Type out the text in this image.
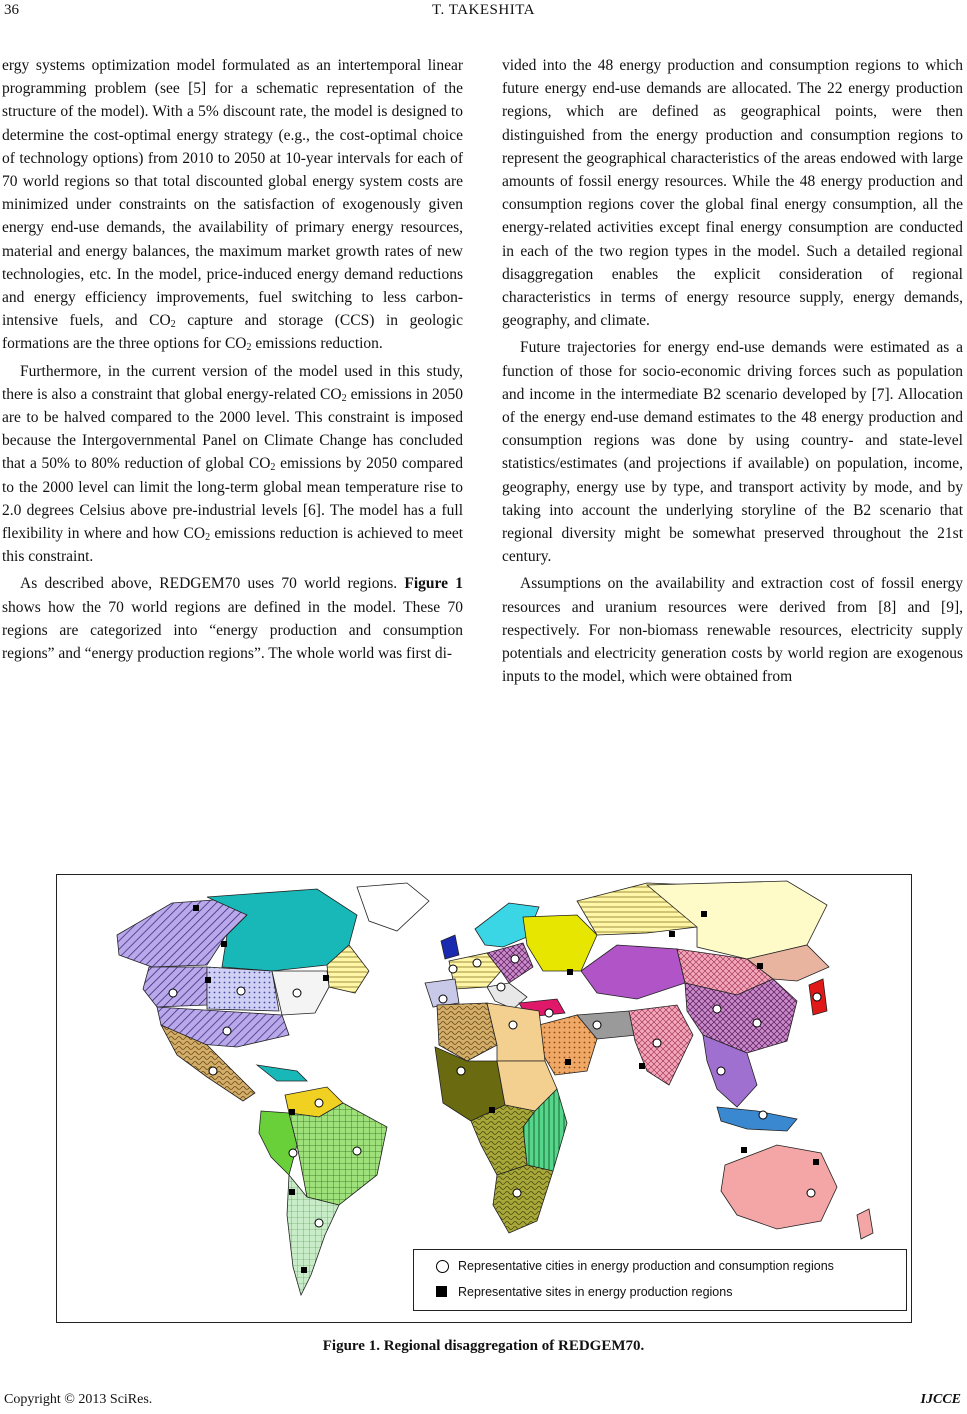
36	T. TAKESHITA

ergy systems optimization model formulated as an intertemporal linear programming problem (see [5] for a schematic representation of the structure of the model). With a 5% discount rate, the model is designed to determine the cost-optimal energy strategy (e.g., the cost-optimal choice of technology options) from 2010 to 2050 at 10-year intervals for each of 70 world regions so that total discounted global energy system costs are minimized under constraints on the satisfaction of exogenously given energy end-use demands, the availability of primary energy resources, material and energy balances, the maximum market growth rates of new technologies, etc. In the model, price-induced energy demand reductions and energy efficiency improvements, fuel switching to less carbon-intensive fuels, and $CO_2$ capture and storage (CCS) in geologic formations are the three options for $CO_2$ emissions reduction.

Furthermore, in the current version of the model used in this study, there is also a constraint that global energy-related $CO_2$ emissions in 2050 are to be halved compared to the 2000 level. This constraint is imposed because the Intergovernmental Panel on Climate Change has concluded that a 50% to 80% reduction of global $CO_2$ emissions by 2050 compared to the 2000 level can limit the long-term global mean temperature rise to 2.0 degrees Celsius above pre-industrial levels [6]. The model has a full flexibility in where and how $CO_2$ emissions reduction is achieved to meet this constraint.

As described above, REDGEM70 uses 70 world regions. Figure 1 shows how the 70 world regions are defined in the model. These 70 regions are categorized into “energy production and consumption regions” and “energy production regions”. The whole world was first di-

vided into the 48 energy production and consumption regions to which future energy end-use demands are allocated. The 22 energy production regions, which are defined as geographical points, were then distinguished from the energy production and consumption regions to represent the geographical characteristics of the areas endowed with large amounts of fossil energy resources. While the 48 energy production and consumption regions cover the global final energy consumption, all the energy-related activities except final energy consumption are conducted in each of the two region types in the model. Such a detailed regional disaggregation enables the explicit consideration of regional characteristics in terms of energy resource supply, energy demands, geography, and climate.

Future trajectories for energy end-use demands were estimated as a function of those for socio-economic driving forces such as population and income in the intermediate B2 scenario developed by [7]. Allocation of the energy end-use demand estimates to the 48 energy production and consumption regions was done by using country- and state-level statistics/estimates (and projections if available) on population, income, geography, energy use by type, and transport activity by mode, and by taking into account the underlying storyline of the B2 scenario that regional diversity might be somewhat preserved throughout the 21st century.

Assumptions on the availability and extraction cost of fossil energy resources and uranium resources were derived from [8] and [9], respectively. For non-biomass renewable resources, electricity supply potentials and electricity generation costs by world region are exogenous inputs to the model, which were obtained from

Representative cities in energy production and consumption regions
Representative sites in energy production regions
Figure 1. Regional disaggregation of REDGEM70.
Copyright © 2013 SciRes.	IJCCE
